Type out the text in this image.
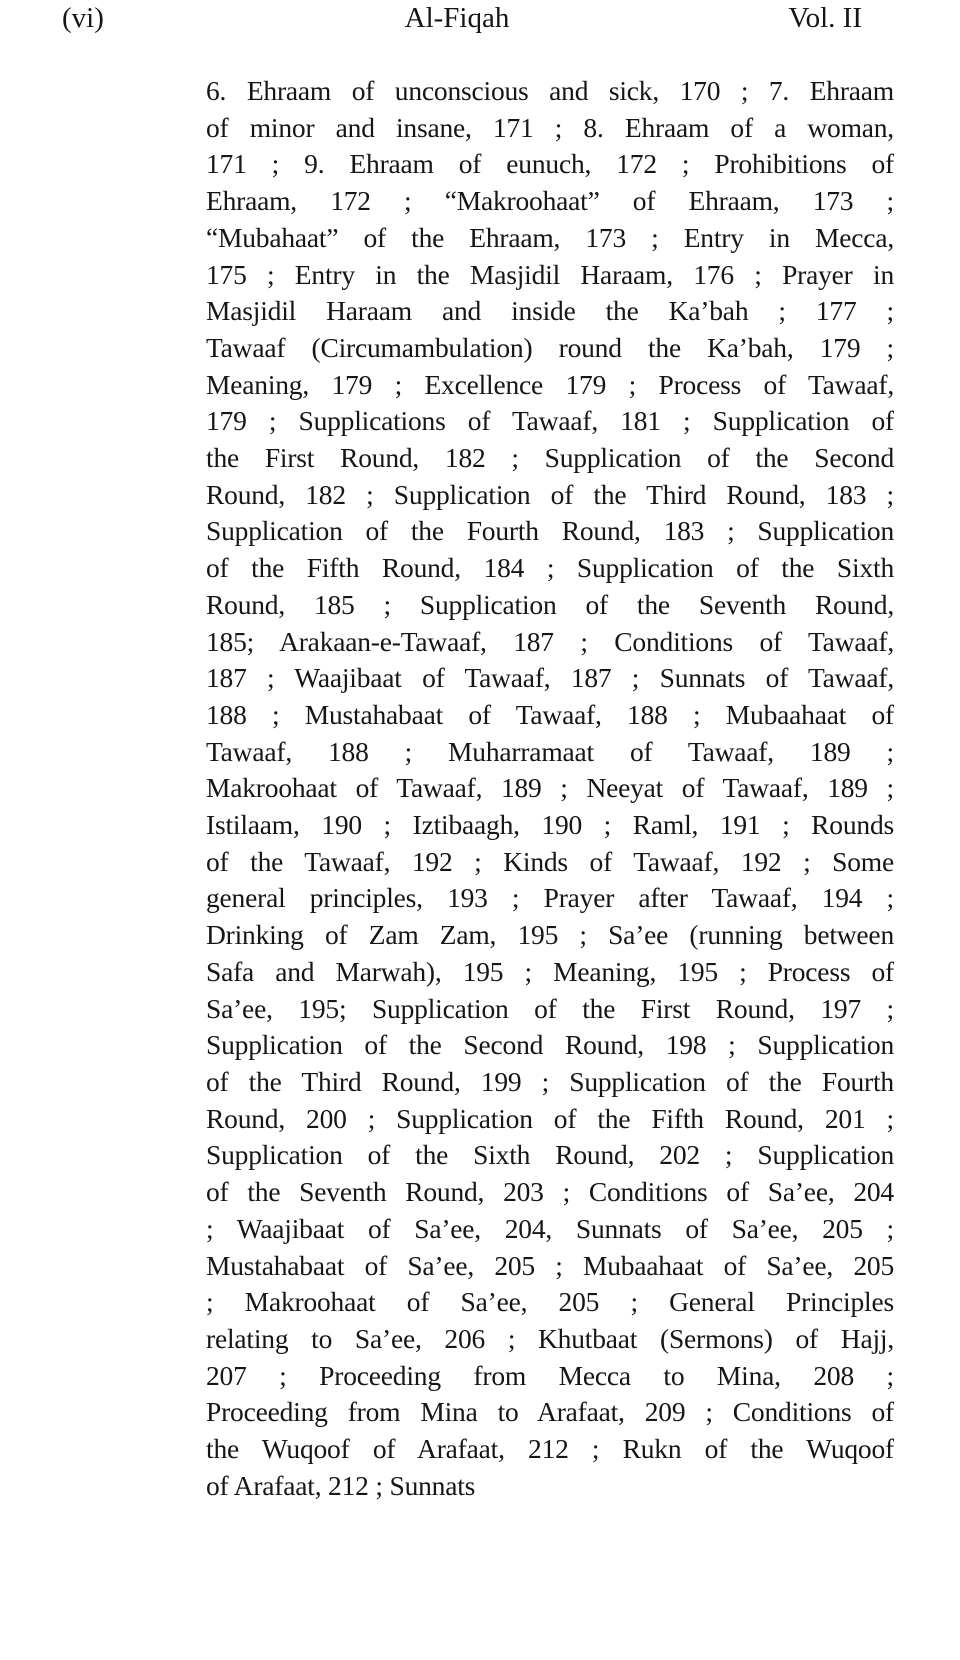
(vi)	Al-Fiqah	Vol. II
6. Ehraam of unconscious and sick, 170 ; 7. Ehraam
of minor and insane, 171 ; 8. Ehraam of a woman,
171 ; 9. Ehraam of eunuch, 172 ; Prohibitions of
Ehraam, 172 ; “Makroohaat” of Ehraam, 173 ;
“Mubahaat” of the Ehraam, 173 ; Entry in Mecca,
175 ; Entry in the Masjidil Haraam, 176 ; Prayer in
Masjidil Haraam and inside the Ka’bah ; 177 ;
Tawaaf (Circumambulation) round the Ka’bah, 179 ;
Meaning, 179 ; Excellence 179 ; Process of Tawaaf,
179 ; Supplications of Tawaaf, 181 ; Supplication of
the First Round, 182 ; Supplication of the Second
Round, 182 ; Supplication of the Third Round, 183 ;
Supplication of the Fourth Round, 183 ; Supplication
of the Fifth Round, 184 ; Supplication of the Sixth
Round, 185 ; Supplication of the Seventh Round,
185; Arakaan-e-Tawaaf, 187 ; Conditions of Tawaaf,
187 ; Waajibaat of Tawaaf, 187 ; Sunnats of Tawaaf,
188 ; Mustahabaat of Tawaaf, 188 ; Mubaahaat of
Tawaaf, 188 ; Muharramaat of Tawaaf, 189 ;
Makroohaat of Tawaaf, 189 ; Neeyat of Tawaaf, 189 ;
Istilaam, 190 ; Iztibaagh, 190 ; Raml, 191 ; Rounds
of the Tawaaf, 192 ; Kinds of Tawaaf, 192 ; Some
general principles, 193 ; Prayer after Tawaaf, 194 ;
Drinking of Zam Zam, 195 ; Sa’ee (running between
Safa and Marwah), 195 ; Meaning, 195 ; Process of
Sa’ee, 195; Supplication of the First Round, 197 ;
Supplication of the Second Round, 198 ; Supplication
of the Third Round, 199 ; Supplication of the Fourth
Round, 200 ; Supplication of the Fifth Round, 201 ;
Supplication of the Sixth Round, 202 ; Supplication
of the Seventh Round, 203 ; Conditions of Sa’ee, 204
; Waajibaat of Sa’ee, 204, Sunnats of Sa’ee, 205 ;
Mustahabaat of Sa’ee, 205 ; Mubaahaat of Sa’ee, 205
; Makroohaat of Sa’ee, 205 ; General Principles
relating to Sa’ee, 206 ; Khutbaat (Sermons) of Hajj,
207 ; Proceeding from Mecca to Mina, 208 ;
Proceeding from Mina to Arafaat, 209 ; Conditions of
the Wuqoof of Arafaat, 212 ; Rukn of the Wuqoof
of Arafaat, 212 ; Sunnats
